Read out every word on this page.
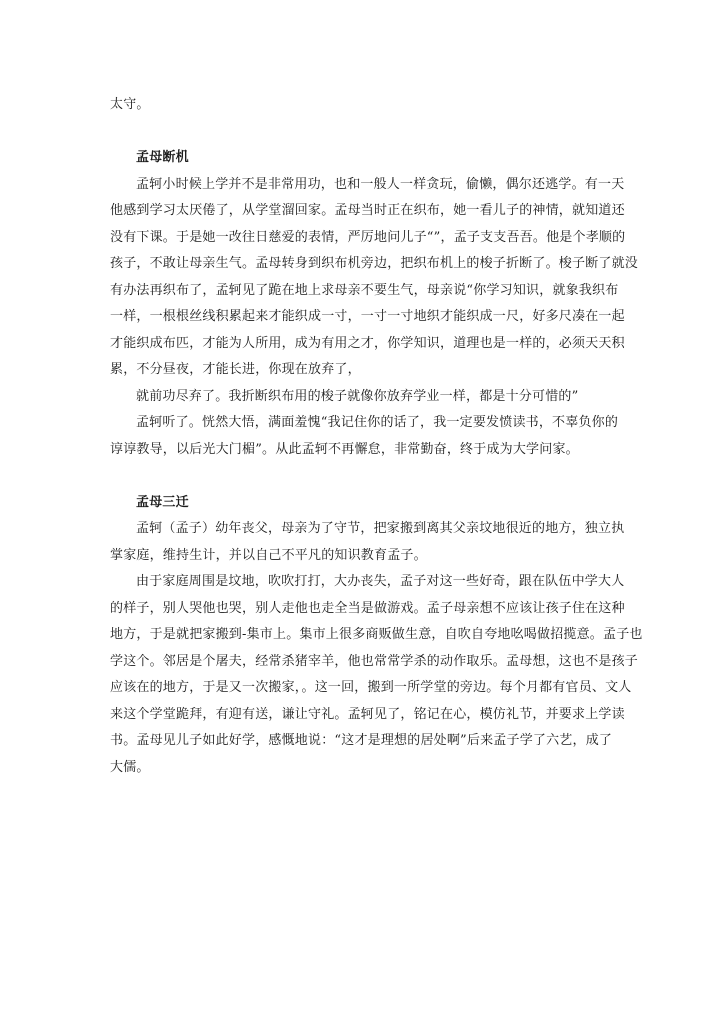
太守。

孟母断机

孟轲小时候上学并不是非常用功，也和一般人一样贪玩，偷懒，偶尔还逃学。有一天

他感到学习太厌倦了，从学堂溜回家。孟母当时正在织布，她一看儿子的神情，就知道还

没有下课。于是她一改往日慈爱的表情，严厉地问儿子“”，孟子支支吾吾。他是个孝顺的

孩子，不敢让母亲生气。孟母转身到织布机旁边，把织布机上的梭子折断了。梭子断了就没

有办法再织布了，孟轲见了跪在地上求母亲不要生气，母亲说“你学习知识，就象我织布

一样，一根根丝线积累起来才能织成一寸，一寸一寸地织才能织成一尺，好多尺凑在一起

才能织成布匹，才能为人所用，成为有用之才，你学知识，道理也是一样的，必须天天积

累，不分昼夜，才能长进，你现在放弃了，

就前功尽弃了。我折断织布用的梭子就像你放弃学业一样，都是十分可惜的”

孟轲听了。恍然大悟，满面羞愧“我记住你的话了，我一定要发愤读书，不辜负你的

谆谆教导，以后光大门楣”。从此孟轲不再懈怠，非常勤奋，终于成为大学问家。

孟母三迁

孟轲（孟子）幼年丧父，母亲为了守节，把家搬到离其父亲坟地很近的地方，独立执

掌家庭，维持生计，并以自己不平凡的知识教育孟子。

由于家庭周围是坟地，吹吹打打，大办丧失，孟子对这一些好奇，跟在队伍中学大人

的样子，别人哭他也哭，别人走他也走全当是做游戏。孟子母亲想不应该让孩子住在这种

地方，于是就把家搬到-集市上。集市上很多商贩做生意，自吹自夸地吆喝做招揽意。孟子也

学这个。邻居是个屠夫，经常杀猪宰羊，他也常常学杀的动作取乐。孟母想，这也不是孩子

应该在的地方，于是又一次搬家，。这一回，搬到一所学堂的旁边。每个月都有官员、文人

来这个学堂跪拜，有迎有送，谦让守礼。孟轲见了，铭记在心，模仿礼节，并要求上学读

书。孟母见儿子如此好学，感慨地说：“这才是理想的居处啊”后来孟子学了六艺，成了

大儒。
